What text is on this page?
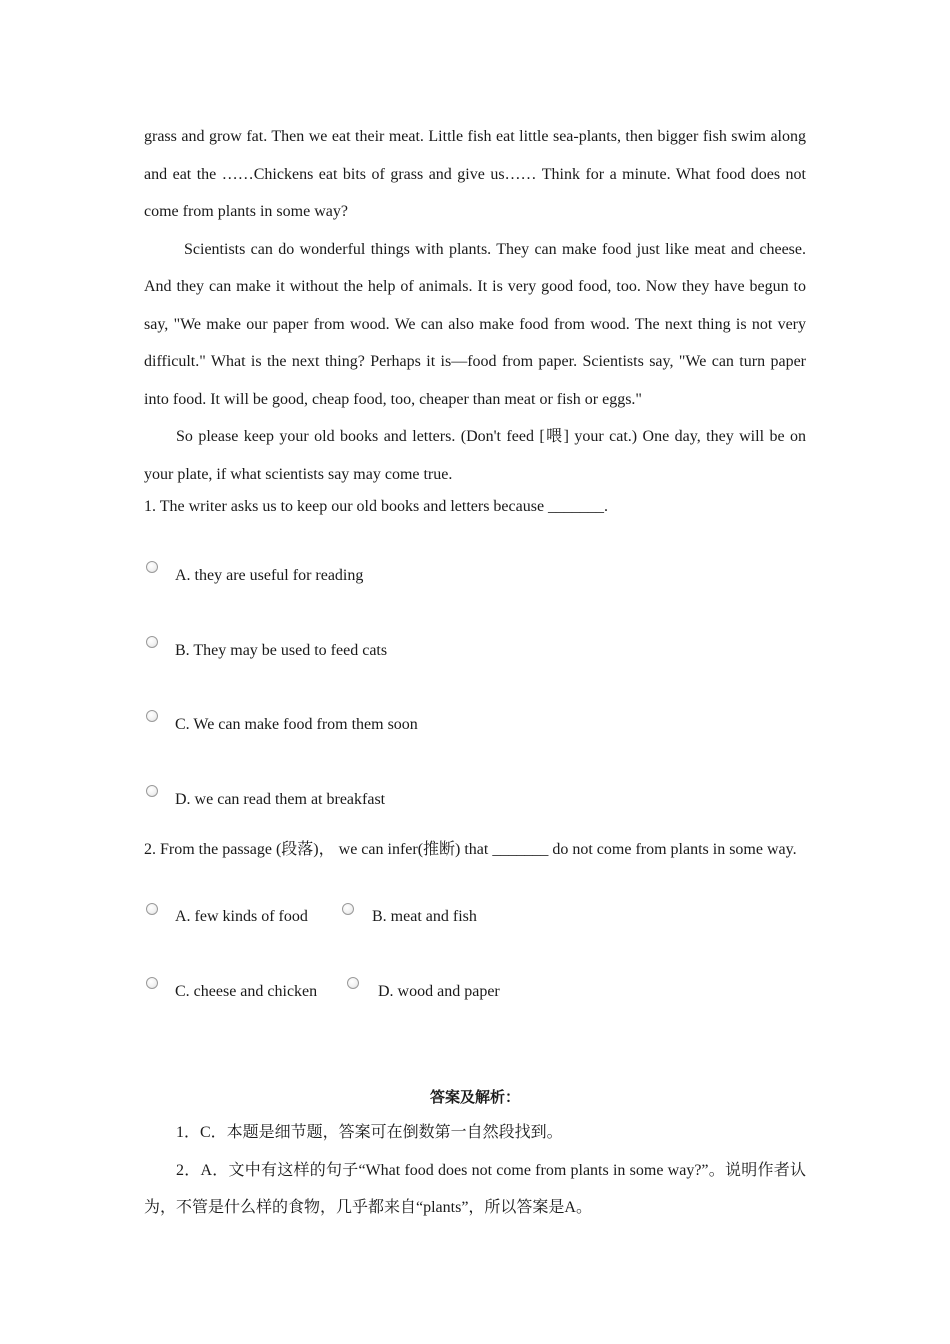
grass and grow fat. Then we eat their meat. Little fish eat little sea-plants, then bigger fish swim along and eat the ……Chickens eat bits of grass and give us…… Think for a minute. What food does not come from plants in some way?

Scientists can do wonderful things with plants. They can make food just like meat and cheese. And they can make it without the help of animals. It is very good food, too. Now they have begun to say, "We make our paper from wood. We can also make food from wood. The next thing is not very difficult." What is the next thing? Perhaps it is—food from paper. Scientists say, "We can turn paper into food. It will be good, cheap food, too, cheaper than meat or fish or eggs."

So please keep your old books and letters. (Don't feed [喂] your cat.) One day, they will be on your plate, if what scientists say may come true.

1. The writer asks us to keep our old books and letters because _______.

A. they are useful for reading
B. They may be used to feed cats
C. We can make food from them soon
D. we can read them at breakfast

2. From the passage (段落)， we can infer(推断) that _______ do not come from plants in some way.

A. few kinds of food	B. meat and fish
C. cheese and chicken	D. wood and paper
答案及解析：

1．C．本题是细节题，答案可在倒数第一自然段找到。

2．A．文中有这样的句子“What food does not come from plants in some way?”。说明作者认为，不管是什么样的食物，几乎都来自“plants”，所以答案是A。
